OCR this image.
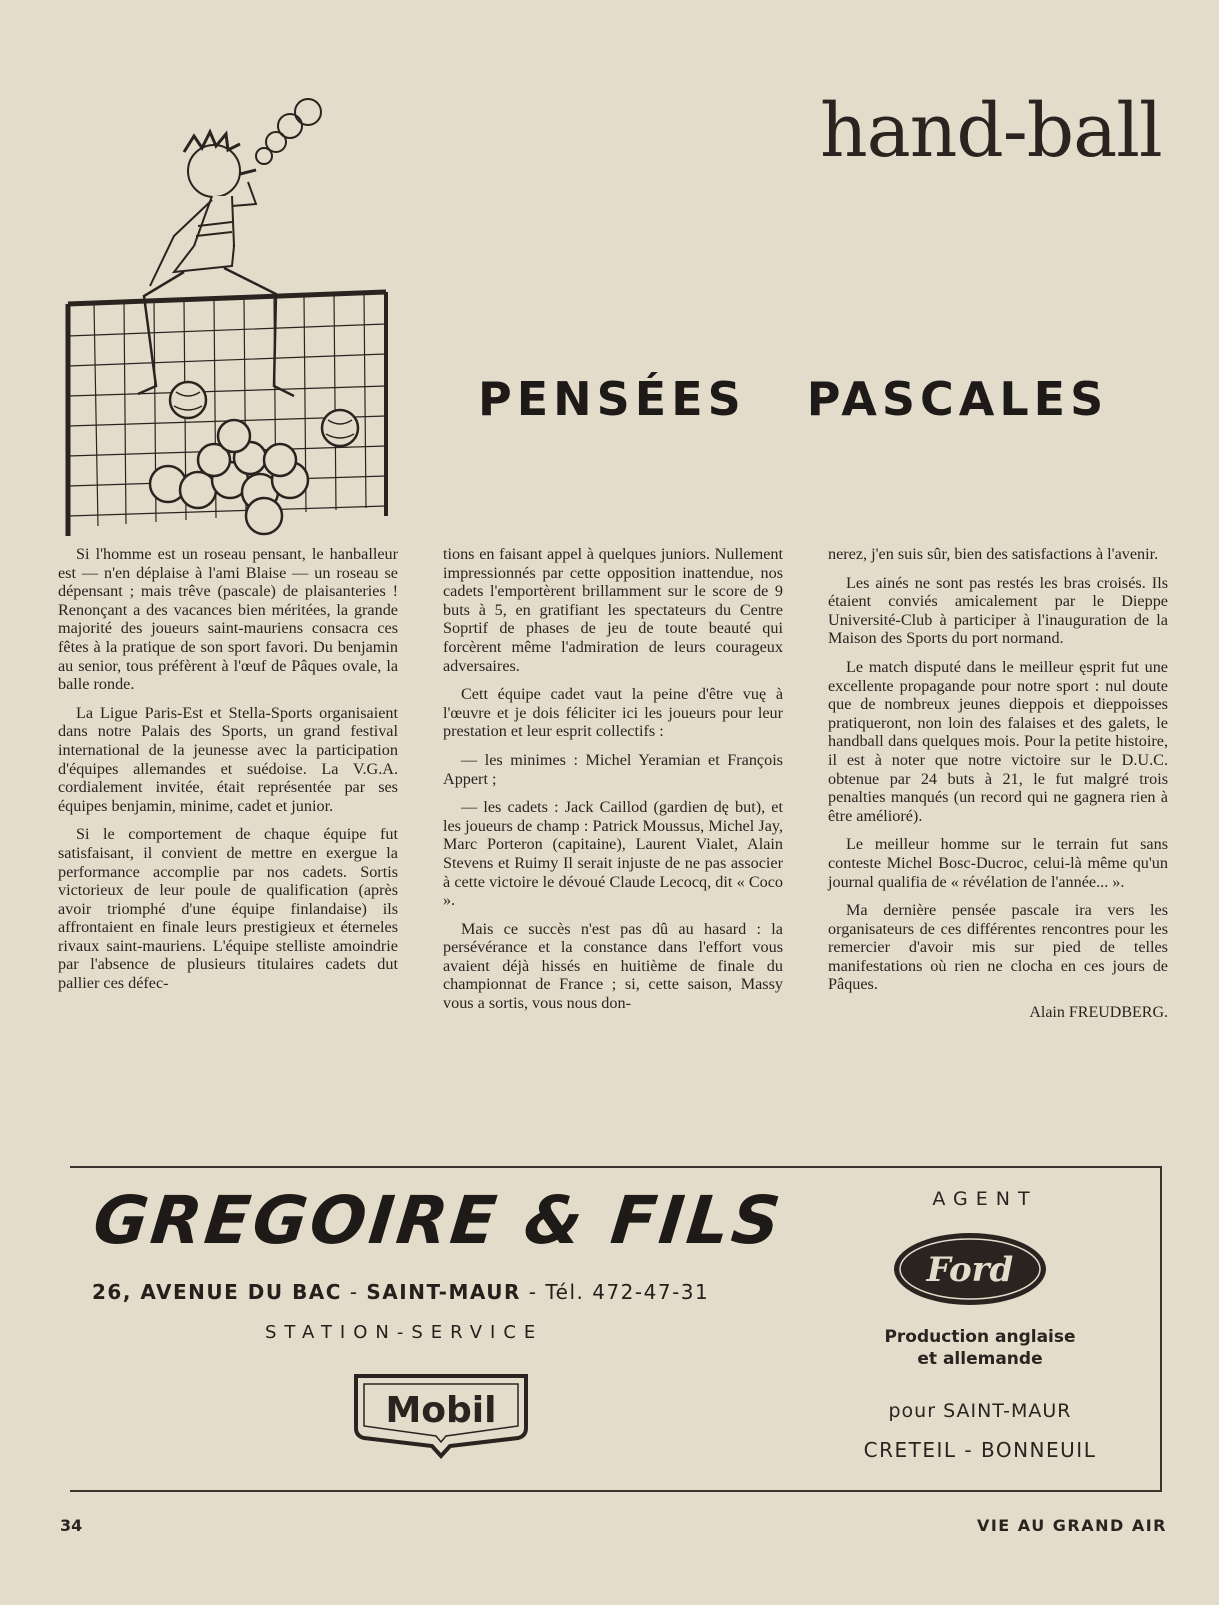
hand-ball
PENSÉES PASCALES

Si l'homme est un roseau pensant, le hanballeur est — n'en déplaise à l'ami Blaise — un roseau se dépensant ; mais trêve (pascale) de plaisanteries ! Renonçant a des vacances bien méritées, la grande majorité des joueurs saint-mauriens consacra ces fêtes à la pratique de son sport favori. Du benjamin au senior, tous préfèrent à l'œuf de Pâques ovale, la balle ronde.

La Ligue Paris-Est et Stella-Sports organisaient dans notre Palais des Sports, un grand festival international de la jeunesse avec la participation d'équipes allemandes et suédoise. La V.G.A. cordialement invitée, était représentée par ses équipes benjamin, minime, cadet et junior.

Si le comportement de chaque équipe fut satisfaisant, il convient de mettre en exergue la performance accomplie par nos cadets. Sortis victorieux de leur poule de qualification (après avoir triomphé d'une équipe finlandaise) ils affrontaient en finale leurs prestigieux et éterneles rivaux saint-mauriens. L'équipe stelliste amoindrie par l'absence de plusieurs titulaires cadets dut pallier ces défec-

tions en faisant appel à quelques juniors. Nullement impressionnés par cette opposition inattendue, nos cadets l'emportèrent brillamment sur le score de 9 buts à 5, en gratifiant les spectateurs du Centre Soprtif de phases de jeu de toute beauté qui forcèrent même l'admiration de leurs courageux adversaires.

Cett équipe cadet vaut la peine d'être vuę à l'œuvre et je dois féliciter ici les joueurs pour leur prestation et leur esprit collectifs :

— les minimes : Michel Yeramian et François Appert ;

— les cadets : Jack Caillod (gardien dę but), et les joueurs de champ : Patrick Moussus, Michel Jay, Marc Porteron (capitaine), Laurent Vialet, Alain Stevens et Ruimy Il serait injuste de ne pas associer à cette victoire le dévoué Claude Lecocq, dit « Coco ».

Mais ce succès n'est pas dû au hasard : la persévérance et la constance dans l'effort vous avaient déjà hissés en huitième de finale du championnat de France ; si, cette saison, Massy vous a sortis, vous nous don-

nerez, j'en suis sûr, bien des satisfactions à l'avenir.

Les ainés ne sont pas restés les bras croisés. Ils étaient conviés amicalement par le Dieppe Université-Club à participer à l'inauguration de la Maison des Sports du port normand.

Le match disputé dans le meilleur ęsprit fut une excellente propagande pour notre sport : nul doute que de nombreux jeunes dieppois et dieppoisses pratiqueront, non loin des falaises et des galets, le handball dans quelques mois. Pour la petite histoire, il est à noter que notre victoire sur le D.U.C. obtenue par 24 buts à 21, le fut malgré trois penalties manqués (un record qui ne gagnera rien à être amélioré).

Le meilleur homme sur le terrain fut sans conteste Michel Bosc-Ducroc, celui-là même qu'un journal qualifia de « révélation de l'année... ».

Ma dernière pensée pascale ira vers les organisateurs de ces différentes rencontres pour les remercier d'avoir mis sur pied de telles manifestations où rien ne clocha en ces jours de Pâques.

Alain FREUDBERG.
GREGOIRE & FILS
26, AVENUE DU BAC - SAINT-MAUR - Tél. 472-47-31
STATION-SERVICE
Mobil
AGENT
Ford
Production anglaise
et allemande
pour SAINT-MAUR
CRETEIL - BONNEUIL
34	VIE AU GRAND AIR
